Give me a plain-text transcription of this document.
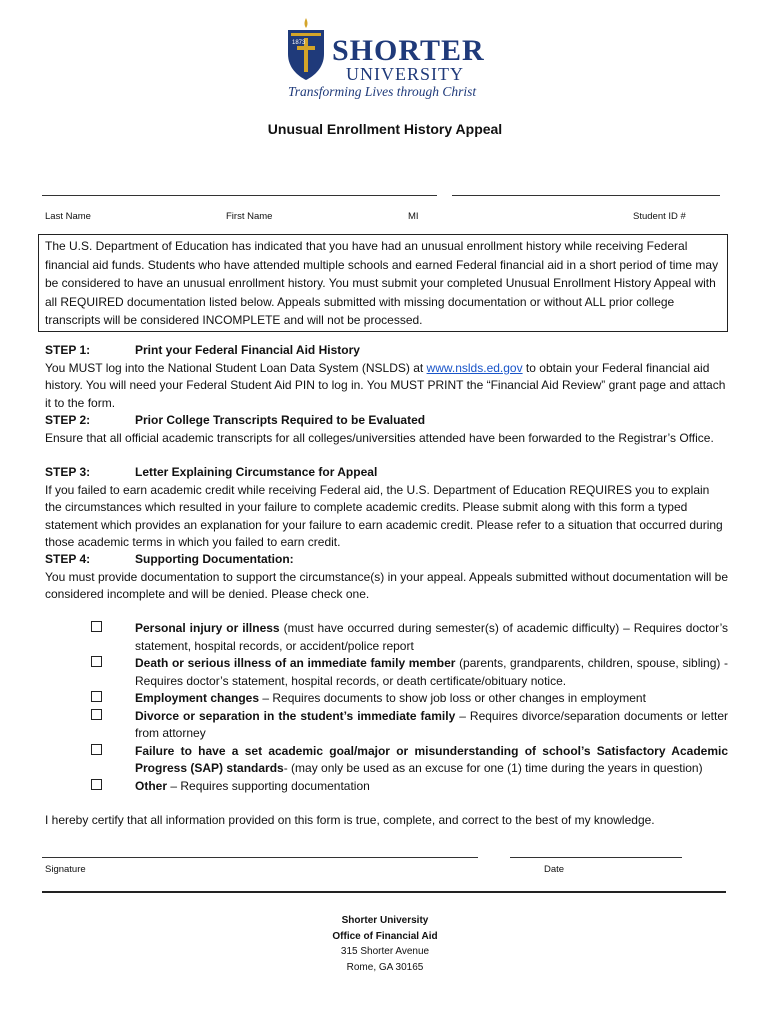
1873 SHORTER
UNIVERSITY
Transforming Lives through Christ
Unusual Enrollment History Appeal
Last Name	First Name	MI	Student ID #

The U.S. Department of Education has indicated that you have had an unusual enrollment history while receiving Federal financial aid funds. Students who have attended multiple schools and earned Federal financial aid in a short period of time may be considered to have an unusual enrollment history. You must submit your completed Unusual Enrollment History Appeal with all REQUIRED documentation listed below. Appeals submitted with missing documentation or without ALL prior college transcripts will be considered INCOMPLETE and will not be processed.

STEP 1:	Print your Federal Financial Aid History

You MUST log into the National Student Loan Data System (NSLDS) at www.nslds.ed.gov to obtain your Federal financial aid history. You will need your Federal Student Aid PIN to log in. You MUST PRINT the “Financial Aid Review” grant page and attach it to the form.

STEP 2:	Prior College Transcripts Required to be Evaluated

Ensure that all official academic transcripts for all colleges/universities attended have been forwarded to the Registrar’s Office.

STEP 3:	Letter Explaining Circumstance for Appeal

If you failed to earn academic credit while receiving Federal aid, the U.S. Department of Education REQUIRES you to explain the circumstances which resulted in your failure to complete academic credits. Please submit along with this form a typed statement which provides an explanation for your failure to earn academic credit. Please refer to a situation that occurred during those academic terms in which you failed to earn credit.

STEP 4:	Supporting Documentation:

You must provide documentation to support the circumstance(s) in your appeal. Appeals submitted without documentation will be considered incomplete and will be denied. Please check one.

Personal injury or illness (must have occurred during semester(s) of academic difficulty) – Requires doctor’s statement, hospital records, or accident/police report
Death or serious illness of an immediate family member (parents, grandparents, children, spouse, sibling) - Requires doctor’s statement, hospital records, or death certificate/obituary notice.
Employment changes – Requires documents to show job loss or other changes in employment
Divorce or separation in the student’s immediate family – Requires divorce/separation documents or letter from attorney
Failure to have a set academic goal/major or misunderstanding of school’s Satisfactory Academic Progress (SAP) standards- (may only be used as an excuse for one (1) time during the years in question)
Other – Requires supporting documentation
I hereby certify that all information provided on this form is true, complete, and correct to the best of my knowledge.
Signature	Date
Shorter University
Office of Financial Aid
315 Shorter Avenue
Rome, GA 30165
